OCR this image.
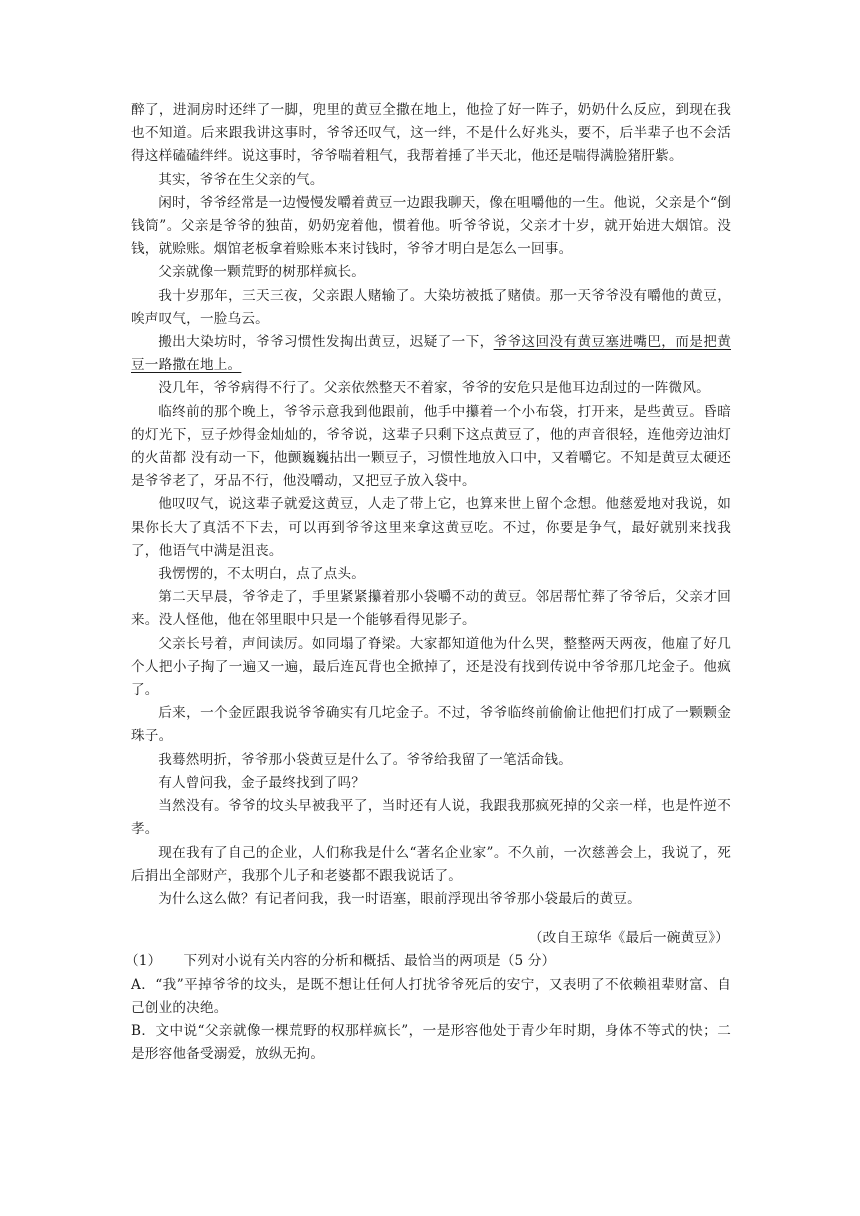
醉了，进洞房时还绊了一脚，兜里的黄豆全撒在地上，他捡了好一阵子，奶奶什么反应，到现在我也不知道。后来跟我讲这事时，爷爷还叹气，这一绊，不是什么好兆头，要不，后半辈子也不会活得这样磕磕绊绊。说这事时，爷爷喘着粗气，我帮着捶了半天北，他还是喘得满脸猪肝紫。

其实，爷爷在生父亲的气。

闲时，爷爷经常是一边慢慢发嚼着黄豆一边跟我聊天，像在咀嚼他的一生。他说，父亲是个“倒钱筒”。父亲是爷爷的独苗，奶奶宠着他，惯着他。听爷爷说，父亲才十岁，就开始进大烟馆。没钱，就赊账。烟馆老板拿着赊账本来讨钱时，爷爷才明白是怎么一回事。

父亲就像一颗荒野的树那样疯长。

我十岁那年，三天三夜，父亲跟人赌输了。大染坊被抵了赌债。那一天爷爷没有嚼他的黄豆，唉声叹气，一脸乌云。

搬出大染坊时，爷爷习惯性发掏出黄豆，迟疑了一下，爷爷这回没有黄豆塞进嘴巴，而是把黄豆一路撒在地上。

没几年，爷爷病得不行了。父亲依然整天不着家，爷爷的安危只是他耳边刮过的一阵微风。

临终前的那个晚上，爷爷示意我到他跟前，他手中攥着一个小布袋，打开来，是些黄豆。昏暗的灯光下，豆子炒得金灿灿的，爷爷说，这辈子只剩下这点黄豆了，他的声音很轻，连他旁边油灯的火苗都 没有动一下，他颤巍巍拈出一颗豆子，习惯性地放入口中，又着嚼它。不知是黄豆太硬还是爷爷老了，牙品不行，他没嚼动，又把豆子放入袋中。

他叹叹气，说这辈子就爱这黄豆，人走了带上它，也算来世上留个念想。他慈爱地对我说，如果你长大了真活不下去，可以再到爷爷这里来拿这黄豆吃。不过，你要是争气，最好就别来找我了，他语气中满是沮丧。

我愣愣的，不太明白，点了点头。

第二天早晨，爷爷走了，手里紧紧攥着那小袋嚼不动的黄豆。邻居帮忙葬了爷爷后，父亲才回来。没人怪他，他在邻里眼中只是一个能够看得见影子。

父亲长号着，声间读厉。如同塌了脊梁。大家都知道他为什么哭，整整两天两夜，他雇了好几个人把小子掏了一遍又一遍，最后连瓦背也全掀掉了，还是没有找到传说中爷爷那几坨金子。他疯了。

后来，一个金匠跟我说爷爷确实有几坨金子。不过，爷爷临终前偷偷让他把们打成了一颗颗金珠子。

我蓦然明折，爷爷那小袋黄豆是什么了。爷爷给我留了一笔活命钱。

有人曾问我，金子最终找到了吗？

当然没有。爷爷的坟头早被我平了，当时还有人说，我跟我那疯死掉的父亲一样，也是忤逆不孝。

现在我有了自己的企业，人们称我是什么“著名企业家”。不久前，一次慈善会上，我说了，死后捐出全部财产，我那个儿子和老婆都不跟我说话了。

为什么这么做？有记者问我，我一时语塞，眼前浮现出爷爷那小袋最后的黄豆。

（改自王琼华《最后一碗黄豆》）

（1） 下列对小说有关内容的分析和概括、最恰当的两项是（5 分）

A．“我”平掉爷爷的坟头，是既不想让任何人打扰爷爷死后的安宁，又表明了不依赖祖辈财富、自己创业的决绝。

B．文中说“父亲就像一棵荒野的权那样疯长”，一是形容他处于青少年时期，身体不等式的快；二是形容他备受溺爱，放纵无拘。
